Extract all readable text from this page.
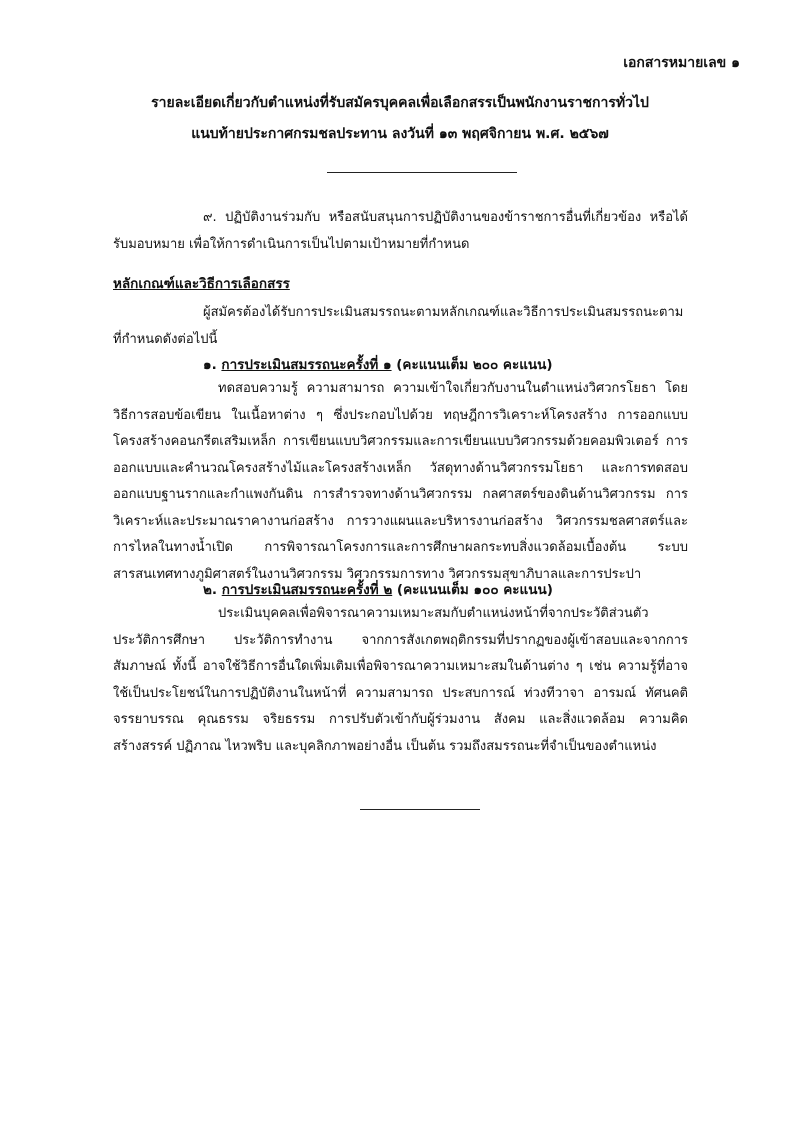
เอกสารหมายเลข ๑
รายละเอียดเกี่ยวกับตำแหน่งที่รับสมัครบุคคลเพื่อเลือกสรรเป็นพนักงานราชการทั่วไป
แนบท้ายประกาศกรมชลประทาน ลงวันที่ ๑๓ พฤศจิกายน พ.ศ. ๒๕๖๗
๙. ปฏิบัติงานร่วมกับ หรือสนับสนุนการปฏิบัติงานของข้าราชการอื่นที่เกี่ยวข้อง หรือได้รับมอบหมาย เพื่อให้การดำเนินการเป็นไปตามเป้าหมายที่กำหนด
หลักเกณฑ์และวิธีการเลือกสรร
ผู้สมัครต้องได้รับการประเมินสมรรถนะตามหลักเกณฑ์และวิธีการประเมินสมรรถนะตามที่กำหนดดังต่อไปนี้
๑. การประเมินสมรรถนะครั้งที่ ๑ (คะแนนเต็ม ๒๐๐ คะแนน)
ทดสอบความรู้ ความสามารถ ความเข้าใจเกี่ยวกับงานในตำแหน่งวิศวกรโยธา โดยวิธีการสอบข้อเขียน ในเนื้อหาต่าง ๆ ซึ่งประกอบไปด้วย ทฤษฎีการวิเคราะห์โครงสร้าง การออกแบบโครงสร้างคอนกรีตเสริมเหล็ก การเขียนแบบวิศวกรรมและการเขียนแบบวิศวกรรมด้วยคอมพิวเตอร์ การออกแบบและคำนวณโครงสร้างไม้และโครงสร้างเหล็ก วัสดุทางด้านวิศวกรรมโยธา และการทดสอบออกแบบฐานรากและกำแพงกันดิน การสำรวจทางด้านวิศวกรรม กลศาสตร์ของดินด้านวิศวกรรม การวิเคราะห์และประมาณราคางานก่อสร้าง การวางแผนและบริหารงานก่อสร้าง วิศวกรรมชลศาสตร์และการไหลในทางน้ำเปิด การพิจารณาโครงการและการศึกษาผลกระทบสิ่งแวดล้อมเบื้องต้น ระบบสารสนเทศทางภูมิศาสตร์ในงานวิศวกรรม วิศวกรรมการทาง วิศวกรรมสุขาภิบาลและการประปา
๒. การประเมินสมรรถนะครั้งที่ ๒ (คะแนนเต็ม ๑๐๐ คะแนน)
ประเมินบุคคลเพื่อพิจารณาความเหมาะสมกับตำแหน่งหน้าที่จากประวัติส่วนตัว ประวัติการศึกษา ประวัติการทำงาน จากการสังเกตพฤติกรรมที่ปรากฏของผู้เข้าสอบและจากการสัมภาษณ์ ทั้งนี้ อาจใช้วิธีการอื่นใดเพิ่มเติมเพื่อพิจารณาความเหมาะสมในด้านต่าง ๆ เช่น ความรู้ที่อาจใช้เป็นประโยชน์ในการปฏิบัติงานในหน้าที่ ความสามารถ ประสบการณ์ ท่วงทีวาจา อารมณ์ ทัศนคติ จรรยาบรรณ คุณธรรม จริยธรรม การปรับตัวเข้ากับผู้ร่วมงาน สังคม และสิ่งแวดล้อม ความคิดสร้างสรรค์ ปฏิภาณ ไหวพริบ และบุคลิกภาพอย่างอื่น เป็นต้น รวมถึงสมรรถนะที่จำเป็นของตำแหน่ง
